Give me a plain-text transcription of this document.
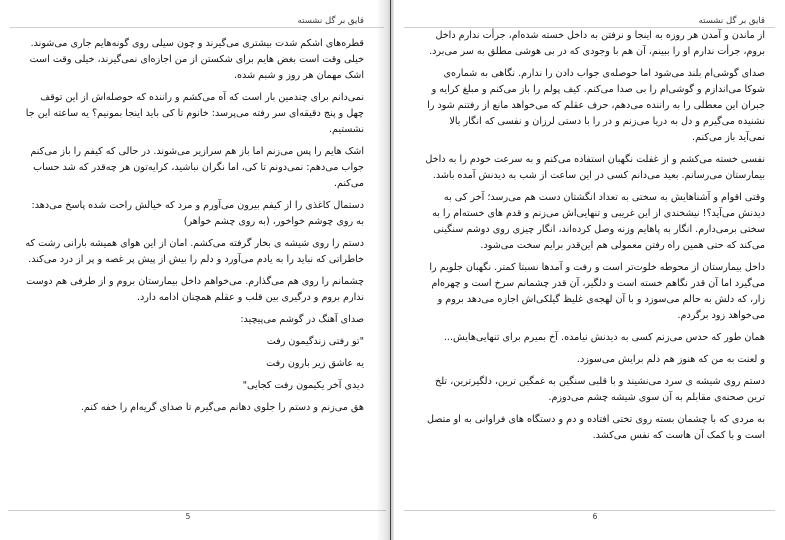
قایق بر گل نشسته

قطره‌های اشکم شدت بیشتری می‌گیرند و چون سیلی روی گونه‌هایم جاری می‌شوند. خیلی وقت است بغض هایم برای شکستن از من اجازه‌ای نمی‌گیرند، خیلی وقت است اشک مهمان هر روز و شبم شده.

نمی‌دانم برای چندمین بار است که آه می‌کشم و راننده که حوصله‌اش از این توقف چهل و پنج دقیقه‌ای سر رفته می‌پرسد: خانوم تا کی باید اینجا بمونیم؟ یه ساعته این جا نشستیم.

اشک هایم را پس می‌زنم اما باز هم سرازیر می‌شوند. در حالی که کیفم را باز می‌کنم جواب می‌دهم: نمی‌دونم تا کی، اما نگران نباشید، کرایه‌تون هر چه‌قدر که شد حساب می‌کنم.

دستمال کاغذی را از کیفم بیرون می‌آورم و مرد که خیالش راحت شده پاسخ می‌دهد: به روی چوشم خواخور، (به روی چشم خواهر)

دستم را روی شیشه ی بخار گرفته می‌کشم. امان از این هوای همیشه بارانی رشت که خاطراتی که نباید را به یادم می‌آورد و دلم را بیش از پیش پر غصه و پر از درد می‌کند.

چشمانم را روی هم می‌گذارم. می‌خواهم داخل بیمارستان بروم و از طرفی هم دوست ندارم بروم و درگیری بین قلب و عقلم همچنان ادامه دارد.

صدای آهنگ در گوشم می‌پیچید:

"تو رفتی زندگیمون رفت

یه عاشق زیر بارون رفت

دیدی آخر یکیمون رفت کجایی"

هق می‌زنم و دستم را جلوی دهانم می‌گیرم تا صدای گریه‌ام را خفه کنم.

5
قایق بر گل نشسته

از ماندن و آمدن هر روزه به اینجا و نرفتن به داخل خسته شده‌ام، جرأت ندارم داخل بروم، جرأت ندارم او را ببینم، آن هم با وجودی که در بی هوشی مطلق به سر می‌برد.

صدای گوشی‌ام بلند می‌شود اما حوصله‌ی جواب دادن را ندارم. نگاهی به شماره‌ی شوکا می‌اندازم و گوشی‌ام را بی صدا می‌کنم. کیف پولم را باز می‌کنم و مبلغ کرایه و جبران این معطلی را به راننده می‌دهم، حرف عقلم که می‌خواهد مانع از رفتنم شود را نشنیده می‌گیرم و دل به دریا می‌زنم و در را با دستی لرزان و نفسی که انگار بالا نمی‌آید باز می‌کنم.

نفسی خسته می‌کشم و از غفلت نگهبان استفاده می‌کنم و به سرعت خودم را به داخل بیمارستان می‌رسانم. بعید می‌دانم کسی در این ساعت از شب به دیدنش آمده باشد.

وقتی اقوام و آشناهایش به سختی به تعداد انگشتان دست هم می‌رسد؛ آخر کی به دیدنش می‌آید؟! نیشخندی از این غریبی و تنهایی‌اش می‌زنم و قدم های خسته‌ام را به سختی برمی‌دارم. انگار به پاهایم وزنه وصل کرده‌اند، انگار چیزی روی دوشم سنگینی می‌کند که حتی همین راه رفتن معمولی هم این‌قدر برایم سخت می‌شود.

داخل بیمارستان از محوطه خلوت‌تر است و رفت و آمدها نسبتا کمتر. نگهبان جلویم را می‌گیرد اما آن قدر نگاهم خسته است و دلگیر، آن قدر چشمانم سرخ است و چهره‌ام زار، که دلش به حالم می‌سوزد و با آن لهجه‌ی غلیظ گیلکی‌اش اجازه می‌دهد بروم و می‌خواهد زود برگردم.

همان طور که حدس می‌زنم کسی به دیدنش نیامده. آخ بمیرم برای تنهایی‌هایش...

و لعنت به من که هنوز هم دلم برایش می‌سوزد.

دستم روی شیشه ی سرد می‌نشیند و با قلبی سنگین به غمگین ترین، دلگیرترین، تلخ ترین صحنه‌ی مقابلم به آن سوی شیشه چشم می‌دوزم.

به مردی که با چشمان بسته روی تختی افتاده و دم و دستگاه های فراوانی به او متصل است و با کمک آن هاست که نفس می‌کشد.

6
